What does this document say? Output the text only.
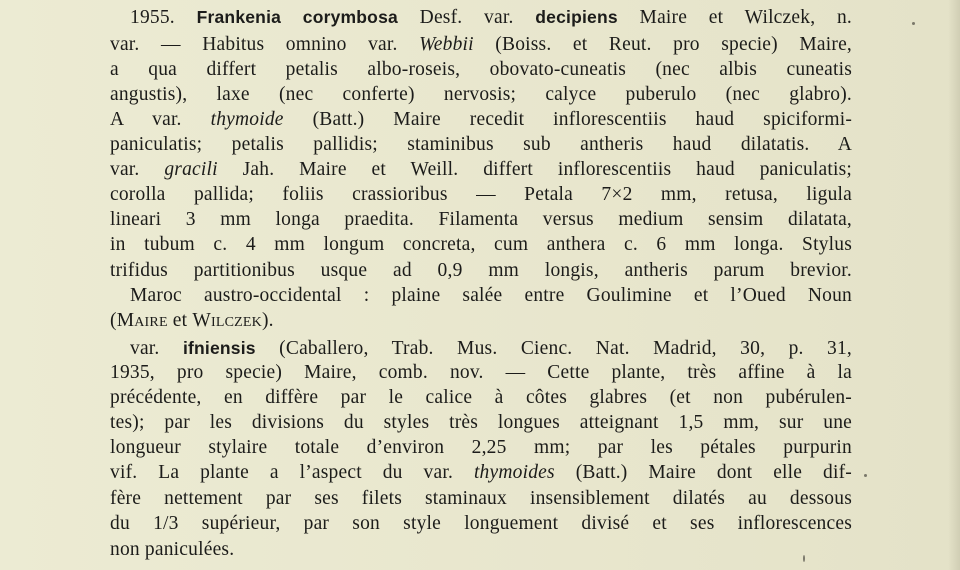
1955. Frankenia corymbosa Desf. var. decipiens Maire et Wilczek, n.
var. — Habitus omnino var. Webbii (Boiss. et Reut. pro specie) Maire,
a qua differt petalis albo-roseis, obovato-cuneatis (nec albis cuneatis
angustis), laxe (nec conferte) nervosis; calyce puberulo (nec glabro).
A var. thymoide (Batt.) Maire recedit inflorescentiis haud spiciformi-
paniculatis; petalis pallidis; staminibus sub antheris haud dilatatis. A
var. gracili Jah. Maire et Weill. differt inflorescentiis haud paniculatis;
corolla pallida; foliis crassioribus — Petala 7×2 mm, retusa, ligula
lineari 3 mm longa praedita. Filamenta versus medium sensim dilatata,
in tubum c. 4 mm longum concreta, cum anthera c. 6 mm longa. Stylus
trifidus partitionibus usque ad 0,9 mm longis, antheris parum brevior.
Maroc austro-occidental : plaine salée entre Goulimine et l’Oued Noun
(Maire et Wilczek).
var. ifniensis (Caballero, Trab. Mus. Cienc. Nat. Madrid, 30, p. 31,
1935, pro specie) Maire, comb. nov. — Cette plante, très affine à la
précédente, en diffère par le calice à côtes glabres (et non pubérulen-
tes); par les divisions du styles très longues atteignant 1,5 mm, sur une
longueur stylaire totale d’environ 2,25 mm; par les pétales purpurin
vif. La plante a l’aspect du var. thymoides (Batt.) Maire dont elle dif-
fère nettement par ses filets staminaux insensiblement dilatés au dessous
du 1/3 supérieur, par son style longuement divisé et ses inflorescences
non paniculées.
